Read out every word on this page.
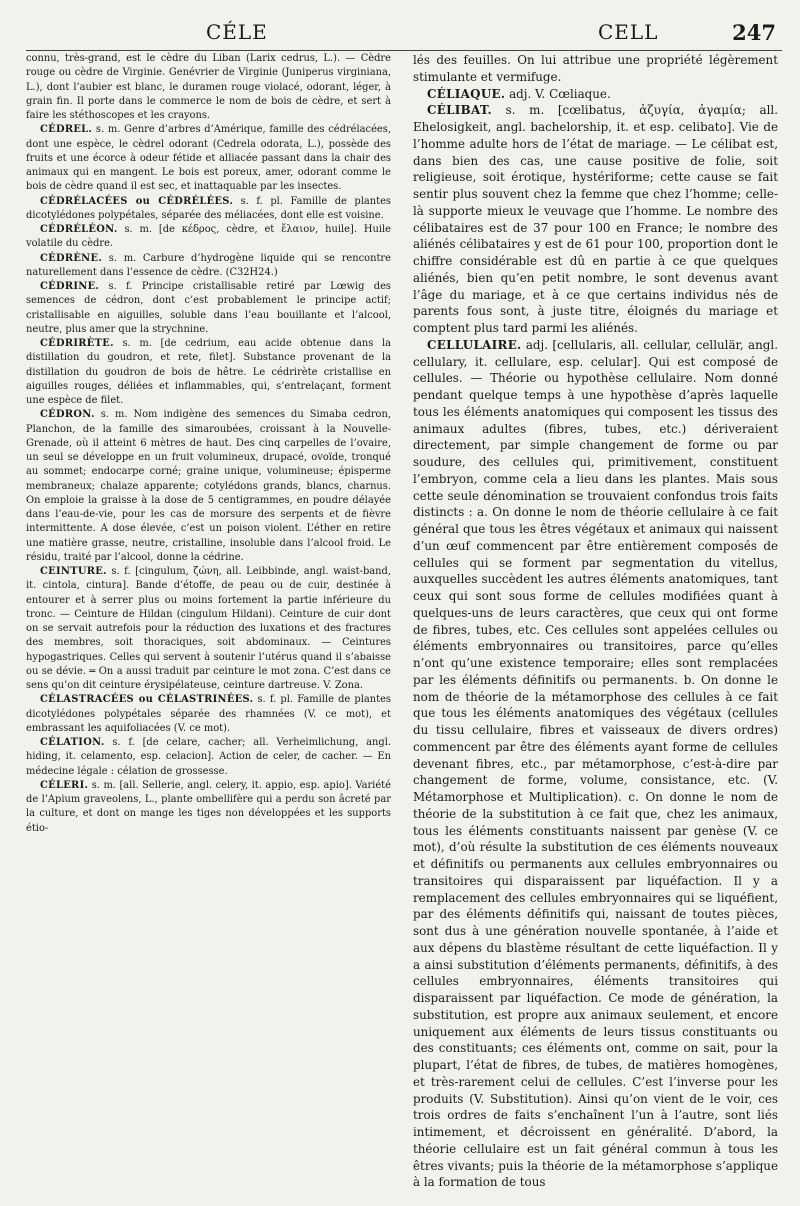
CÉLE	CELL	247

connu, très-grand, est le cèdre du Liban (Larix cedrus, L.). — Cèdre rouge ou cèdre de Virginie. Genévrier de Virginie (Juniperus virginiana, L.), dont l’aubier est blanc, le duramen rouge violacé, odorant, léger, à grain fin. Il porte dans le commerce le nom de bois de cèdre, et sert à faire les stéthoscopes et les crayons.

CÉDREL. s. m. Genre d’arbres d’Amérique, famille des cédrélacées, dont une espèce, le cèdrel odorant (Cedrela odorata, L.), possède des fruits et une écorce à odeur fétide et alliacée passant dans la chair des animaux qui en mangent. Le bois est poreux, amer, odorant comme le bois de cèdre quand il est sec, et inattaquable par les insectes.

CÉDRÉLACÉES ou CÉDRÉLÉES. s. f. pl. Famille de plantes dicotylédones polypétales, séparée des méliacées, dont elle est voisine.

CÉDRÉLÉON. s. m. [de κέδρος, cèdre, et ἔλαιον, huile]. Huile volatile du cèdre.

CÉDRÈNE. s. m. Carbure d’hydrogène liquide qui se rencontre naturellement dans l’essence de cèdre. (C32H24.)

CÉDRINE. s. f. Principe cristallisable retiré par Lœwig des semences de cédron, dont c’est probablement le principe actif; cristallisable en aiguilles, soluble dans l’eau bouillante et l’alcool, neutre, plus amer que la strychnine.

CÉDRIRÈTE. s. m. [de cedrium, eau acide obtenue dans la distillation du goudron, et rete, filet]. Substance provenant de la distillation du goudron de bois de hêtre. Le cédrirète cristallise en aiguilles rouges, déliées et inflammables, qui, s’entrelaçant, forment une espèce de filet.

CÉDRON. s. m. Nom indigène des semences du Simaba cedron, Planchon, de la famille des simaroubées, croissant à la Nouvelle-Grenade, où il atteint 6 mètres de haut. Des cinq carpelles de l’ovaire, un seul se développe en un fruit volumineux, drupacé, ovoïde, tronqué au sommet; endocarpe corné; graine unique, volumineuse; épisperme membraneux; chalaze apparente; cotylédons grands, blancs, charnus. On emploie la graisse à la dose de 5 centigrammes, en poudre délayée dans l’eau-de-vie, pour les cas de morsure des serpents et de fièvre intermittente. A dose élevée, c’est un poison violent. L’éther en retire une matière grasse, neutre, cristalline, insoluble dans l’alcool froid. Le résidu, traité par l’alcool, donne la cédrine.

CEINTURE. s. f. [cingulum, ζώνη, all. Leibbinde, angl. waist-band, it. cintola, cintura]. Bande d’étoffe, de peau ou de cuir, destinée à entourer et à serrer plus ou moins fortement la partie inférieure du tronc. — Ceinture de Hildan (cingulum Hildani). Ceinture de cuir dont on se servait autrefois pour la réduction des luxations et des fractures des membres, soit thoraciques, soit abdominaux. — Ceintures hypogastriques. Celles qui servent à soutenir l’utérus quand il s’abaisse ou se dévie. ═ On a aussi traduit par ceinture le mot zona. C’est dans ce sens qu’on dit ceinture érysipélateuse, ceinture dartreuse. V. Zona.

CÉLASTRACÉES ou CÉLASTRINÉES. s. f. pl. Famille de plantes dicotylédones polypétales séparée des rhamnées (V. ce mot), et embrassant les aquifoliacées (V. ce mot).

CÉLATION. s. f. [de celare, cacher; all. Verheimlichung, angl. hiding, it. celamento, esp. celacion]. Action de celer, de cacher. — En médecine légale : célation de grossesse.

CÉLERI. s. m. [all. Sellerie, angl. celery, it. appio, esp. apio]. Variété de l’Apium graveolens, L., plante ombellifère qui a perdu son âcreté par la culture, et dont on mange les tiges non développées et les supports étio-

lés des feuilles. On lui attribue une propriété légèrement stimulante et vermifuge.

CÉLIAQUE. adj. V. Cœliaque.

CÉLIBAT. s. m. [cœlibatus, ἀζυγία, ἀγαμία; all. Ehelosigkeit, angl. bachelorship, it. et esp. celibato]. Vie de l’homme adulte hors de l’état de mariage. — Le célibat est, dans bien des cas, une cause positive de folie, soit religieuse, soit érotique, hystériforme; cette cause se fait sentir plus souvent chez la femme que chez l’homme; celle-là supporte mieux le veuvage que l’homme. Le nombre des célibataires est de 37 pour 100 en France; le nombre des aliénés célibataires y est de 61 pour 100, proportion dont le chiffre considérable est dû en partie à ce que quelques aliénés, bien qu’en petit nombre, le sont devenus avant l’âge du mariage, et à ce que certains individus nés de parents fous sont, à juste titre, éloignés du mariage et comptent plus tard parmi les aliénés.

CELLULAIRE. adj. [cellularis, all. cellular, cellulär, angl. cellulary, it. cellulare, esp. celular]. Qui est composé de cellules. — Théorie ou hypothèse cellulaire. Nom donné pendant quelque temps à une hypothèse d’après laquelle tous les éléments anatomiques qui composent les tissus des animaux adultes (fibres, tubes, etc.) dériveraient directement, par simple changement de forme ou par soudure, des cellules qui, primitivement, constituent l’embryon, comme cela a lieu dans les plantes. Mais sous cette seule dénomination se trouvaient confondus trois faits distincts : a. On donne le nom de théorie cellulaire à ce fait général que tous les êtres végétaux et animaux qui naissent d’un œuf commencent par être entièrement composés de cellules qui se forment par segmentation du vitellus, auxquelles succèdent les autres éléments anatomiques, tant ceux qui sont sous forme de cellules modifiées quant à quelques-uns de leurs caractères, que ceux qui ont forme de fibres, tubes, etc. Ces cellules sont appelées cellules ou éléments embryonnaires ou transitoires, parce qu’elles n’ont qu’une existence temporaire; elles sont remplacées par les éléments définitifs ou permanents. b. On donne le nom de théorie de la métamorphose des cellules à ce fait que tous les éléments anatomiques des végétaux (cellules du tissu cellulaire, fibres et vaisseaux de divers ordres) commencent par être des éléments ayant forme de cellules devenant fibres, etc., par métamorphose, c’est-à-dire par changement de forme, volume, consistance, etc. (V. Métamorphose et Multiplication). c. On donne le nom de théorie de la substitution à ce fait que, chez les animaux, tous les éléments constituants naissent par genèse (V. ce mot), d’où résulte la substitution de ces éléments nouveaux et définitifs ou permanents aux cellules embryonnaires ou transitoires qui disparaissent par liquéfaction. Il y a remplacement des cellules embryonnaires qui se liquéfient, par des éléments définitifs qui, naissant de toutes pièces, sont dus à une génération nouvelle spontanée, à l’aide et aux dépens du blastème résultant de cette liquéfaction. Il y a ainsi substitution d’éléments permanents, définitifs, à des cellules embryonnaires, éléments transitoires qui disparaissent par liquéfaction. Ce mode de génération, la substitution, est propre aux animaux seulement, et encore uniquement aux éléments de leurs tissus constituants ou des constituants; ces éléments ont, comme on sait, pour la plupart, l’état de fibres, de tubes, de matières homogènes, et très-rarement celui de cellules. C’est l’inverse pour les produits (V. Substitution). Ainsi qu’on vient de le voir, ces trois ordres de faits s’enchaînent l’un à l’autre, sont liés intimement, et décroissent en généralité. D’abord, la théorie cellulaire est un fait général commun à tous les êtres vivants; puis la théorie de la métamorphose s’applique à la formation de tous
